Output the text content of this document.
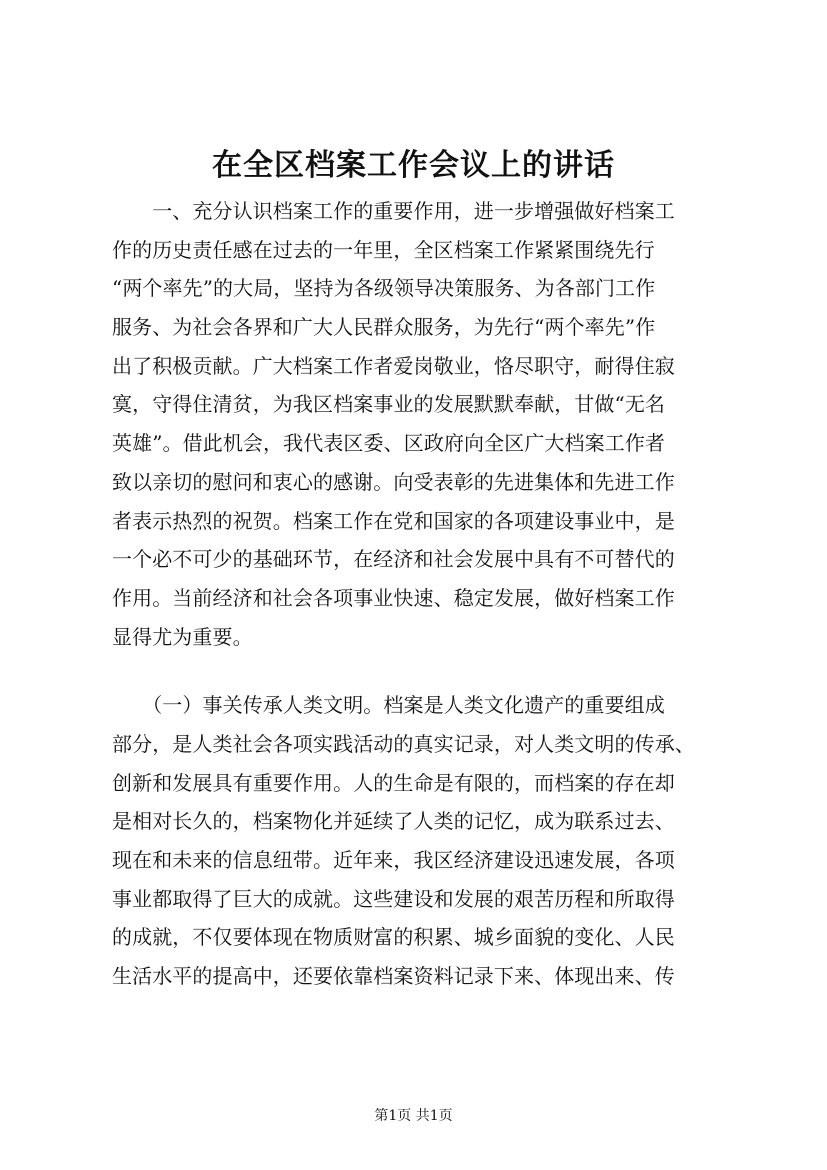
在全区档案工作会议上的讲话
　　一、充分认识档案工作的重要作用，进一步增强做好档案工
作的历史责任感在过去的一年里，全区档案工作紧紧围绕先行
“两个率先”的大局，坚持为各级领导决策服务、为各部门工作
服务、为社会各界和广大人民群众服务，为先行“两个率先”作
出了积极贡献。广大档案工作者爱岗敬业，恪尽职守，耐得住寂
寞，守得住清贫，为我区档案事业的发展默默奉献，甘做“无名
英雄”。借此机会，我代表区委、区政府向全区广大档案工作者
致以亲切的慰问和衷心的感谢。向受表彰的先进集体和先进工作
者表示热烈的祝贺。档案工作在党和国家的各项建设事业中，是
一个必不可少的基础环节，在经济和社会发展中具有不可替代的
作用。当前经济和社会各项事业快速、稳定发展，做好档案工作
显得尤为重要。
　　（一）事关传承人类文明。档案是人类文化遗产的重要组成
部分，是人类社会各项实践活动的真实记录，对人类文明的传承、
创新和发展具有重要作用。人的生命是有限的，而档案的存在却
是相对长久的，档案物化并延续了人类的记忆，成为联系过去、
现在和未来的信息纽带。近年来，我区经济建设迅速发展，各项
事业都取得了巨大的成就。这些建设和发展的艰苦历程和所取得
的成就，不仅要体现在物质财富的积累、城乡面貌的变化、人民
生活水平的提高中，还要依靠档案资料记录下来、体现出来、传
第1页 共1页
